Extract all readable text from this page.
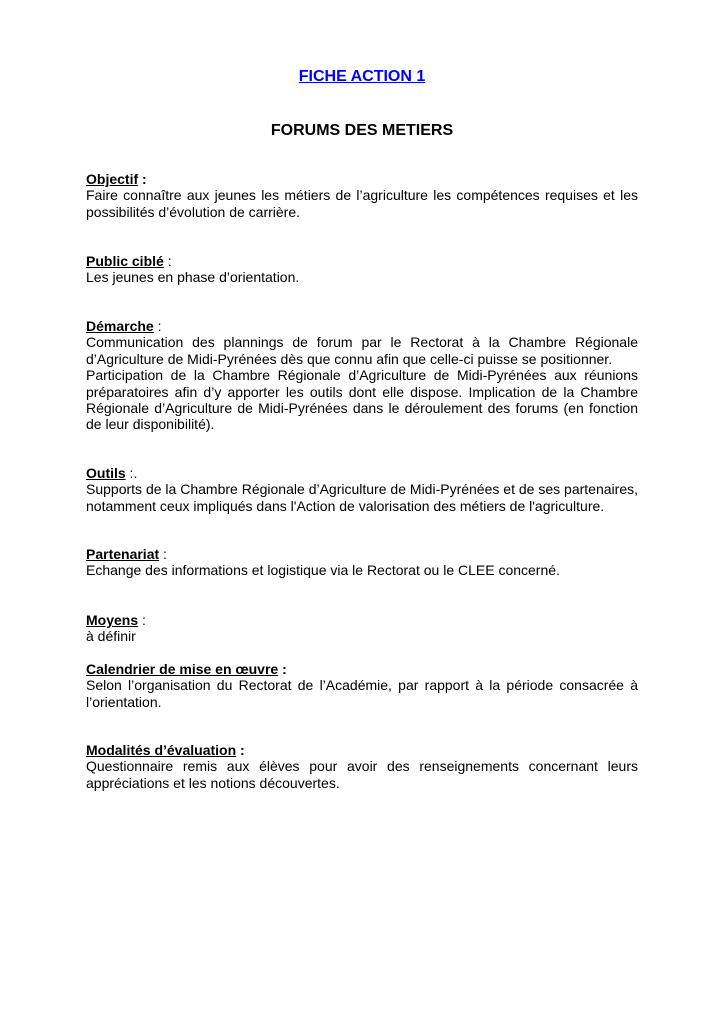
FICHE ACTION 1
FORUMS DES METIERS
Objectif :

Faire connaître aux jeunes les métiers de l’agriculture les compétences requises et les possibilités d’évolution de carrière.

Public ciblé :

Les jeunes en phase d’orientation.

Démarche :

Communication des plannings de forum par le Rectorat à la Chambre Régionale d’Agriculture de Midi-Pyrénées dès que connu afin que celle-ci puisse se positionner.

Participation de la Chambre Régionale d’Agriculture de Midi-Pyrénées aux réunions préparatoires afin d’y apporter les outils dont elle dispose. Implication de la Chambre Régionale d’Agriculture de Midi-Pyrénées dans le déroulement des forums (en fonction de leur disponibilité).

Outils :.

Supports de la Chambre Régionale d’Agriculture de Midi-Pyrénées et de ses partenaires, notamment ceux impliqués dans l'Action de valorisation des métiers de l'agriculture.

Partenariat :

Echange des informations et logistique via le Rectorat ou le CLEE concerné.

Moyens :

à définir

Calendrier de mise en œuvre :

Selon l’organisation du Rectorat de l’Académie, par rapport à la période consacrée à l’orientation.

Modalités d’évaluation :

Questionnaire remis aux élèves pour avoir des renseignements concernant leurs appréciations et les notions découvertes.
